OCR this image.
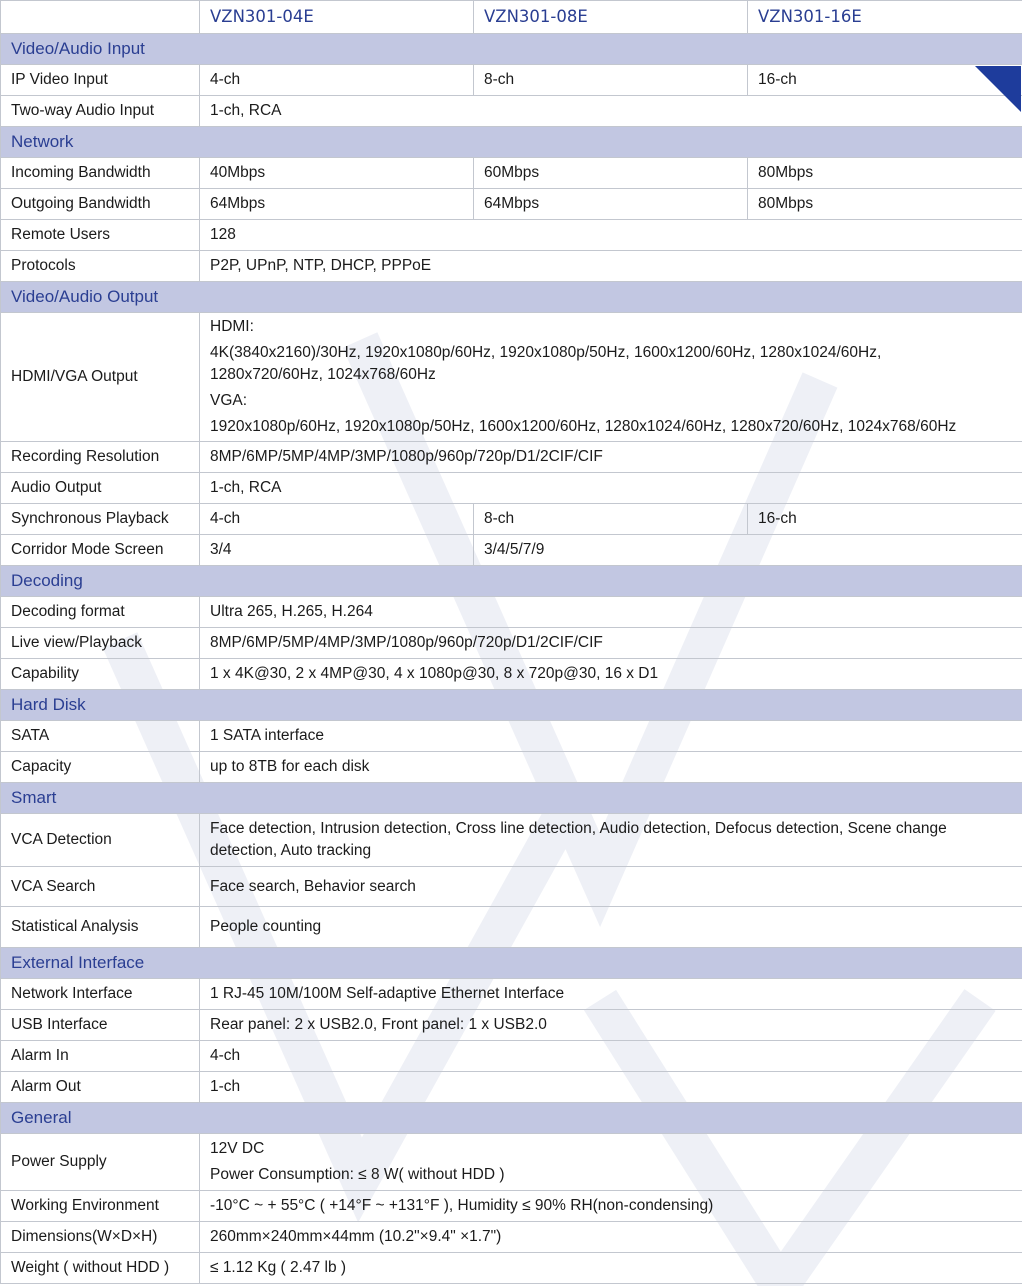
	VZN301-04E	VZN301-08E	VZN301-16E
Video/Audio Input			
IP Video Input	4-ch	8-ch	16-ch
Two-way Audio Input	1-ch, RCA		
Network			
Incoming Bandwidth	40Mbps	60Mbps	80Mbps
Outgoing Bandwidth	64Mbps	64Mbps	80Mbps
Remote Users	128		
Protocols	P2P, UPnP, NTP, DHCP, PPPoE		
Video/Audio Output			
HDMI/VGA Output	HDMI:
4K(3840x2160)/30Hz, 1920x1080p/60Hz, 1920x1080p/50Hz, 1600x1200/60Hz, 1280x1024/60Hz,
1280x720/60Hz, 1024x768/60Hz
VGA:
1920x1080p/60Hz, 1920x1080p/50Hz, 1600x1200/60Hz, 1280x1024/60Hz, 1280x720/60Hz, 1024x768/60Hz		

Recording Resolution	8MP/6MP/5MP/4MP/3MP/1080p/960p/720p/D1/2CIF/CIF		
Audio Output	1-ch, RCA		
Synchronous Playback	4-ch	8-ch	16-ch
Corridor Mode Screen	3/4	3/4/5/7/9	
Decoding			
Decoding format	Ultra 265, H.265, H.264		
Live view/Playback	8MP/6MP/5MP/4MP/3MP/1080p/960p/720p/D1/2CIF/CIF		
Capability	1 x 4K@30, 2 x 4MP@30, 4 x 1080p@30, 8 x 720p@30, 16 x D1		
Hard Disk			
SATA	1 SATA interface		
Capacity	up to 8TB for each disk		
Smart			
VCA Detection	Face detection, Intrusion detection, Cross line detection, Audio detection, Defocus detection, Scene change
detection, Auto tracking		

VCA Search	Face search, Behavior search		
Statistical Analysis	People counting		
External Interface			
Network Interface	1 RJ-45 10M/100M Self-adaptive Ethernet Interface		
USB Interface	Rear panel: 2 x USB2.0, Front panel: 1 x USB2.0		
Alarm In	4-ch		
Alarm Out	1-ch		
General			
Power Supply	12V DC
Power Consumption: ≤ 8 W( without HDD )		

Working Environment	-10°C ~ + 55°C ( +14°F ~ +131°F ), Humidity ≤ 90% RH(non-condensing)		
Dimensions(W×D×H)	260mm×240mm×44mm (10.2"×9.4" ×1.7")		
Weight ( without HDD )	≤ 1.12 Kg ( 2.47 lb )		
